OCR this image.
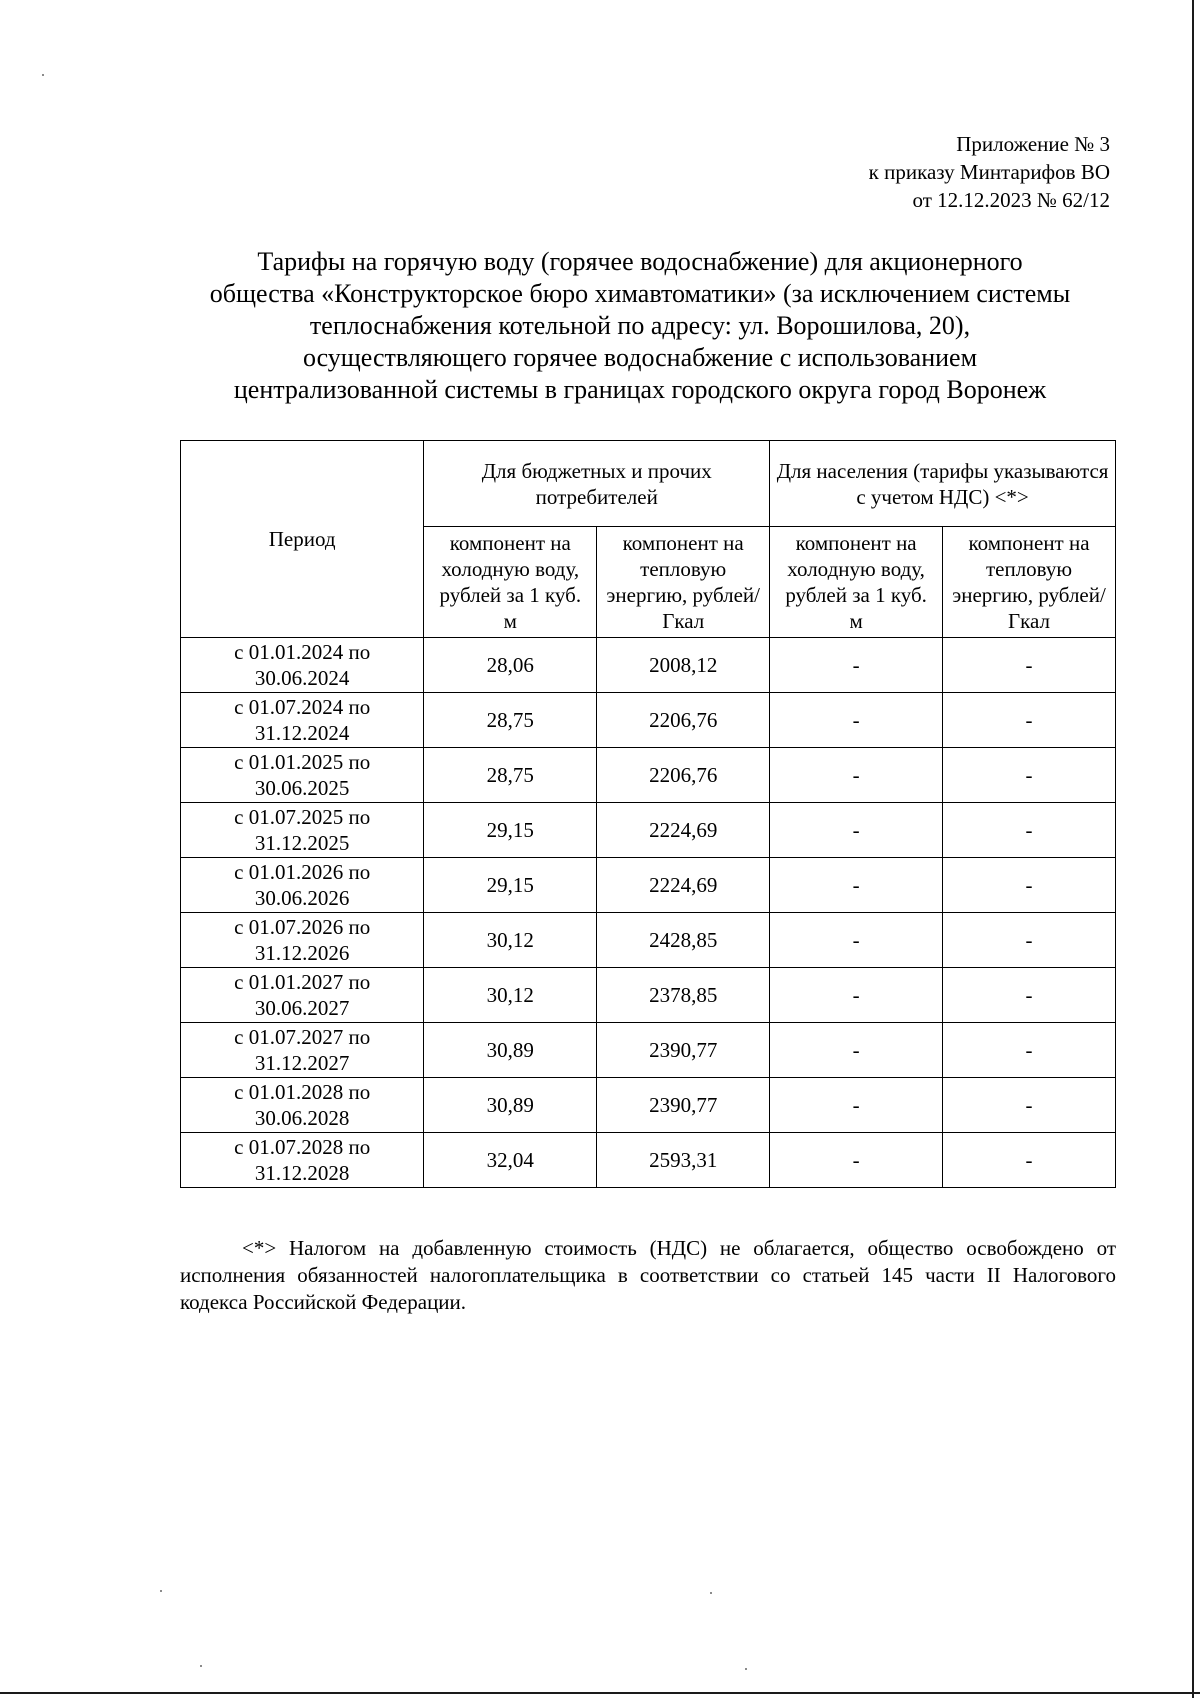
Приложение № 3
к приказу Минтарифов ВО
от 12.12.2023 № 62/12
Тарифы на горячую воду (горячее водоснабжение) для акционерного
общества «Конструкторское бюро химавтоматики» (за исключением системы
теплоснабжения котельной по адресу: ул. Ворошилова, 20),
осуществляющего горячее водоснабжение с использованием
централизованной системы в границах городского округа город Воронеж
Период	Для бюджетных и прочих потребителей		Для населения (тарифы указываются с учетом НДС) <*>	
	компонент на холодную воду, рублей за 1 куб. м	компонент на тепловую энергию, рублей/Гкал	компонент на холодную воду, рублей за 1 куб. м	компонент на тепловую энергию, рублей/Гкал

с 01.01.2024 по
30.06.2024	28,06	2008,12	-	-

с 01.07.2024 по
31.12.2024	28,75	2206,76	-	-

с 01.01.2025 по
30.06.2025	28,75	2206,76	-	-

с 01.07.2025 по
31.12.2025	29,15	2224,69	-	-

с 01.01.2026 по
30.06.2026	29,15	2224,69	-	-

с 01.07.2026 по
31.12.2026	30,12	2428,85	-	-

с 01.01.2027 по
30.06.2027	30,12	2378,85	-	-

с 01.07.2027 по
31.12.2027	30,89	2390,77	-	-

с 01.01.2028 по
30.06.2028	30,89	2390,77	-	-

с 01.07.2028 по
31.12.2028	32,04	2593,31	-	-
<*> Налогом на добавленную стоимость (НДС) не облагается, общество освобождено от исполнения обязанностей налогоплательщика в соответствии со статьей 145 части II Налогового кодекса Российской Федерации.
